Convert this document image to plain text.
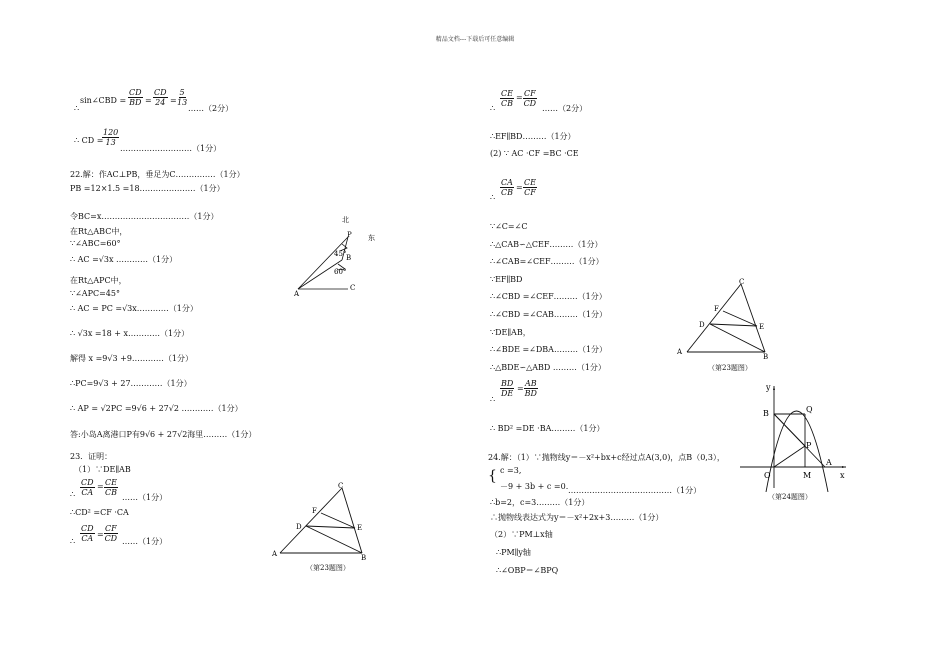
精品文档---下载后可任意编辑
sin∠CBD =
CD
BD =
CD
24 =
5
13
……（2分）
∴
∴ CD =
120
13
………………………（1分）
22.解：作AC⊥PB，垂足为C……………（1分）
PB =12×1.5 =18…………………（1分）
令BC=x……………………………（1分）
在Rt△ABC中，
∵∠ABC=60°
∴ AC =√3x …………（1分）
在Rt△APC中，
∵∠APC=45°
∴ AC = PC =√3x…………（1分）
∴ √3x =18 + x…………（1分）
解得 x =9√3 +9…………（1分）
∴PC=9√3 + 27…………（1分）
∴ AP = √2PC =9√6 + 27√2 …………（1分）
答:小岛A离港口P有9√6 + 27√2海里………（1分）
23．证明：
（1）∵DE∥AB
∴
CD
CA
= CE
CB
……（1分）
∴CD² =CF ·CA
∴
CD
CA =
CF
CD ……（1分）
北
东
P
B
45°
60°
A
C
C
F
D	E
A	B
（第23题图）
∴
CE
CB
= CF
CD
……（2分）
∴EF∥BD………（1分）
(2) ∵ AC ·CF =BC ·CE
∴
CA
CB
=
CE
CF
∵∠C=∠C
∴△CAB∽△CEF………（1分）
∴∠CAB=∠CEF………（1分）
∵EF∥BD
∴∠CBD =∠CEF………（1分）
∴∠CBD =∠CAB………（1分）
∵DE∥AB，
∴∠BDE =∠DBA………（1分）
∴△BDE∽△ABD ………（1分）
∴
BD
DE
=
AB
BD
∴ BD² =DE ·BA………（1分）
24.解：（1）∵抛物线y＝－x²+bx+c经过点A(3,0)，点B（0,3），
{ c =3,
－9 + 3b + c =0. …………………………………（1分）
∴b=2，c=3………（1分）
∴抛物线表达式为y＝－x²+2x+3………（1分）
（2）∵PM⊥x轴
∴PM∥y轴
∴∠OBP＝∠BPQ
C
F
D	E
A
B
（第23题图）
y
x
O
B	Q
P
M
A
（第24题图）
